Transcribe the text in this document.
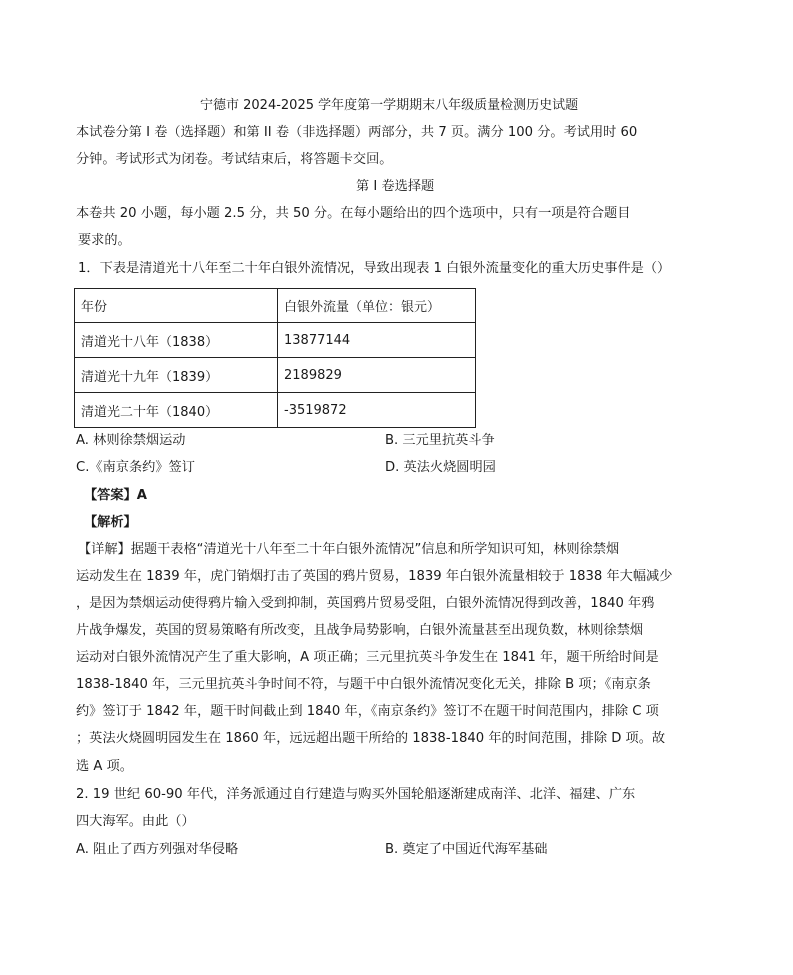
宁德市 2024-2025 学年度第一学期期末八年级质量检测历史试题
本试卷分第 I 卷（选择题）和第 II 卷（非选择题）两部分，共 7 页。满分 100 分。考试用时 60
分钟。考试形式为闭卷。考试结束后，将答题卡交回。
第 I 卷选择题
本卷共 20 小题，每小题 2.5 分，共 50 分。在每小题给出的四个选项中，只有一项是符合题目
要求的。
1．下表是清道光十八年至二十年白银外流情况，导致出现表 1 白银外流量变化的重大历史事件是（）
年份	白银外流量（单位：银元）
清道光十八年（1838）	13877144
清道光十九年（1839）	2189829
清道光二十年（1840）	-3519872
A. 林则徐禁烟运动	B. 三元里抗英斗争
C.《南京条约》签订	D. 英法火烧圆明园
【答案】A
【解析】
【详解】据题干表格“清道光十八年至二十年白银外流情况”信息和所学知识可知，林则徐禁烟
运动发生在 1839 年，虎门销烟打击了英国的鸦片贸易，1839 年白银外流量相较于 1838 年大幅减少
，是因为禁烟运动使得鸦片输入受到抑制，英国鸦片贸易受阻，白银外流情况得到改善，1840 年鸦
片战争爆发，英国的贸易策略有所改变，且战争局势影响，白银外流量甚至出现负数，林则徐禁烟
运动对白银外流情况产生了重大影响，A 项正确；三元里抗英斗争发生在 1841 年，题干所给时间是
1838-1840 年，三元里抗英斗争时间不符，与题干中白银外流情况变化无关，排除 B 项；《南京条
约》签订于 1842 年，题干时间截止到 1840 年，《南京条约》签订不在题干时间范围内，排除 C 项
；英法火烧圆明园发生在 1860 年，远远超出题干所给的 1838-1840 年的时间范围，排除 D 项。故
选 A 项。
2. 19 世纪 60-90 年代，洋务派通过自行建造与购买外国轮船逐渐建成南洋、北洋、福建、广东
四大海军。由此（）
A. 阻止了西方列强对华侵略	B. 奠定了中国近代海军基础
